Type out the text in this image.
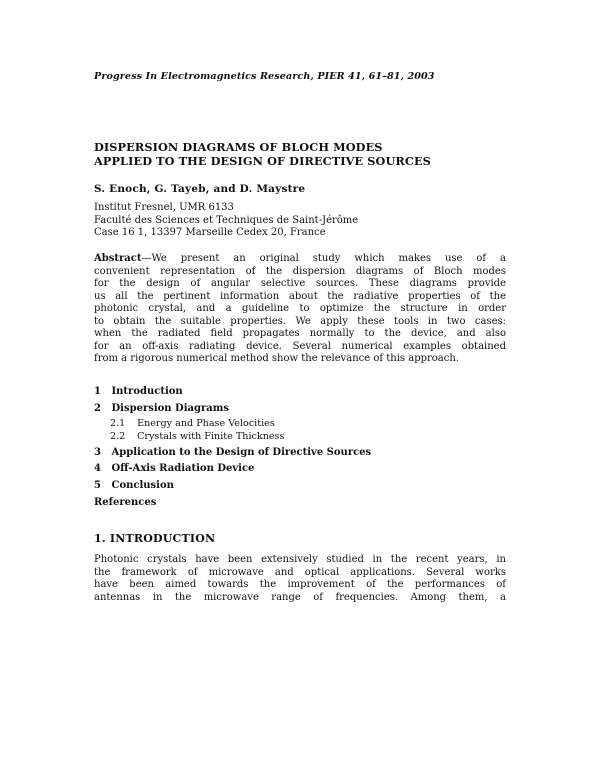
Progress In Electromagnetics Research, PIER 41, 61–81, 2003
DISPERSION DIAGRAMS OF BLOCH MODES
APPLIED TO THE DESIGN OF DIRECTIVE SOURCES
S. Enoch, G. Tayeb, and D. Maystre
Institut Fresnel, UMR 6133
Faculté des Sciences et Techniques de Saint-Jérôme
Case 16 1, 13397 Marseille Cedex 20, France
Abstract—We present an original study which makes use of a
convenient representation of the dispersion diagrams of Bloch modes
for the design of angular selective sources. These diagrams provide
us all the pertinent information about the radiative properties of the
photonic crystal, and a guideline to optimize the structure in order
to obtain the suitable properties. We apply these tools in two cases:
when the radiated field propagates normally to the device, and also
for an off-axis radiating device. Several numerical examples obtained
from a rigorous numerical method show the relevance of this approach.
1 Introduction
2 Dispersion Diagrams
2.1 Energy and Phase Velocities
2.2 Crystals with Finite Thickness
3 Application to the Design of Directive Sources
4 Off-Axis Radiation Device
5 Conclusion
References
1. INTRODUCTION
Photonic crystals have been extensively studied in the recent years, in
the framework of microwave and optical applications. Several works
have been aimed towards the improvement of the performances of
antennas in the microwave range of frequencies. Among them, a
